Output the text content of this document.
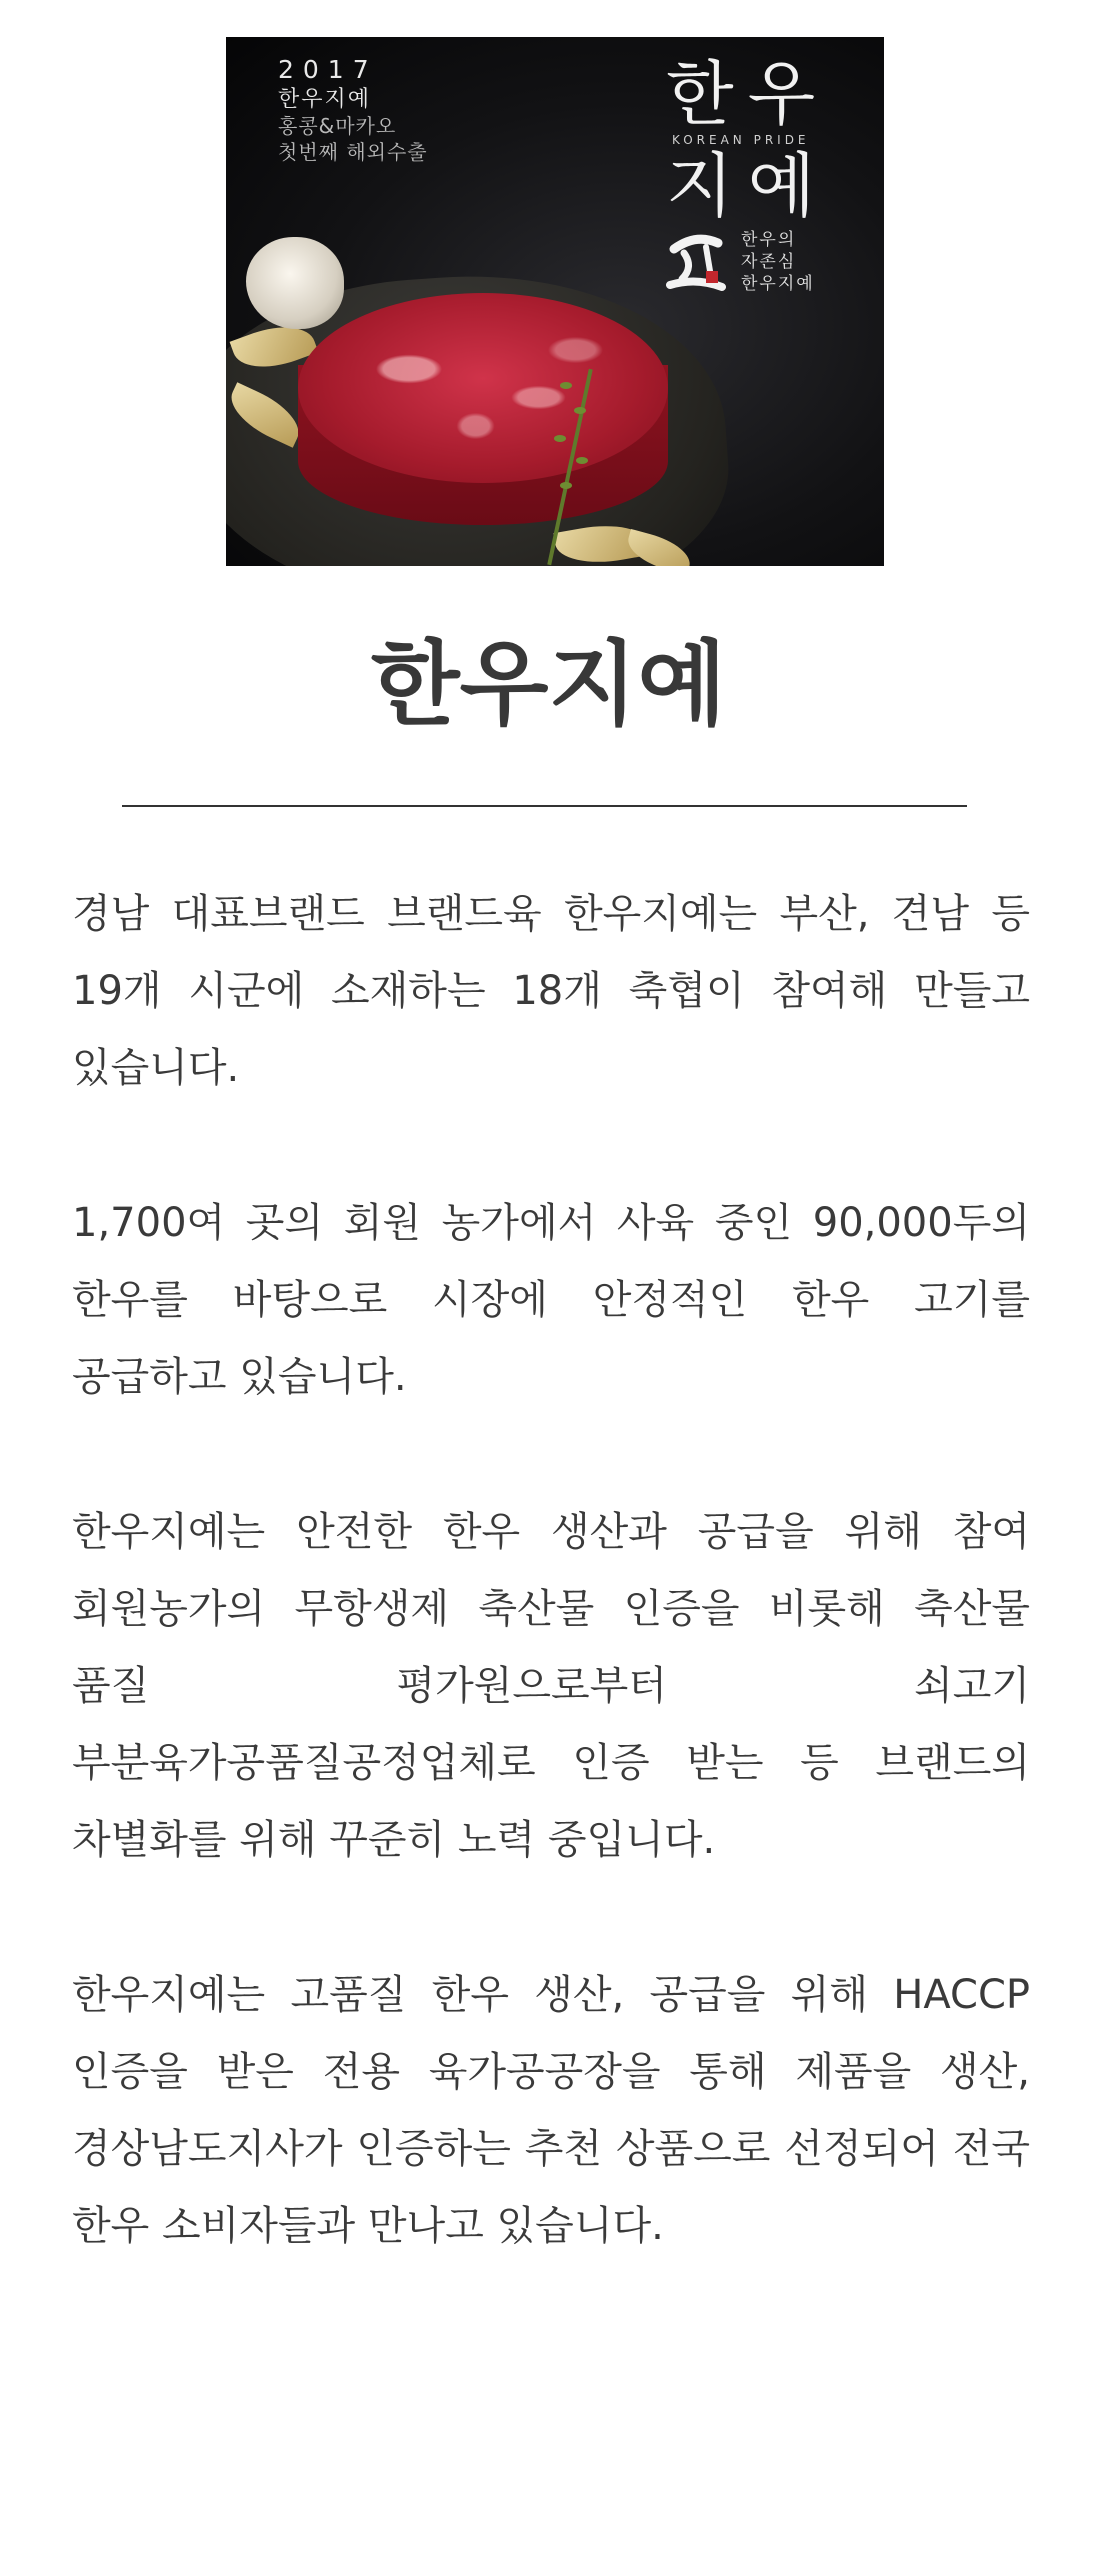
2017
한우지예
홍콩&마카오
첫번째 해외수출
한우
KOREAN PRIDE
지예
한우의
자존심
한우지예
한우지예

경남 대표브랜드 브랜드육 한우지예는 부산, 견남 등 19개 시군에 소재하는 18개 축협이 참여해 만들고 있습니다.

1,700여 곳의 회원 농가에서 사육 중인 90,000두의 한우를 바탕으로 시장에 안정적인 한우 고기를 공급하고 있습니다.

한우지예는 안전한 한우 생산과 공급을 위해 참여 회원농가의 무항생제 축산물 인증을 비롯해 축산물 품질 평가원으로부터 쇠고기 부분육가공품질공정업체로 인증 받는 등 브랜드의 차별화를 위해 꾸준히 노력 중입니다.

한우지예는 고품질 한우 생산, 공급을 위해 HACCP 인증을 받은 전용 육가공공장을 통해 제품을 생산, 경상남도지사가 인증하는 추천 상품으로 선정되어 전국 한우 소비자들과 만나고 있습니다.
